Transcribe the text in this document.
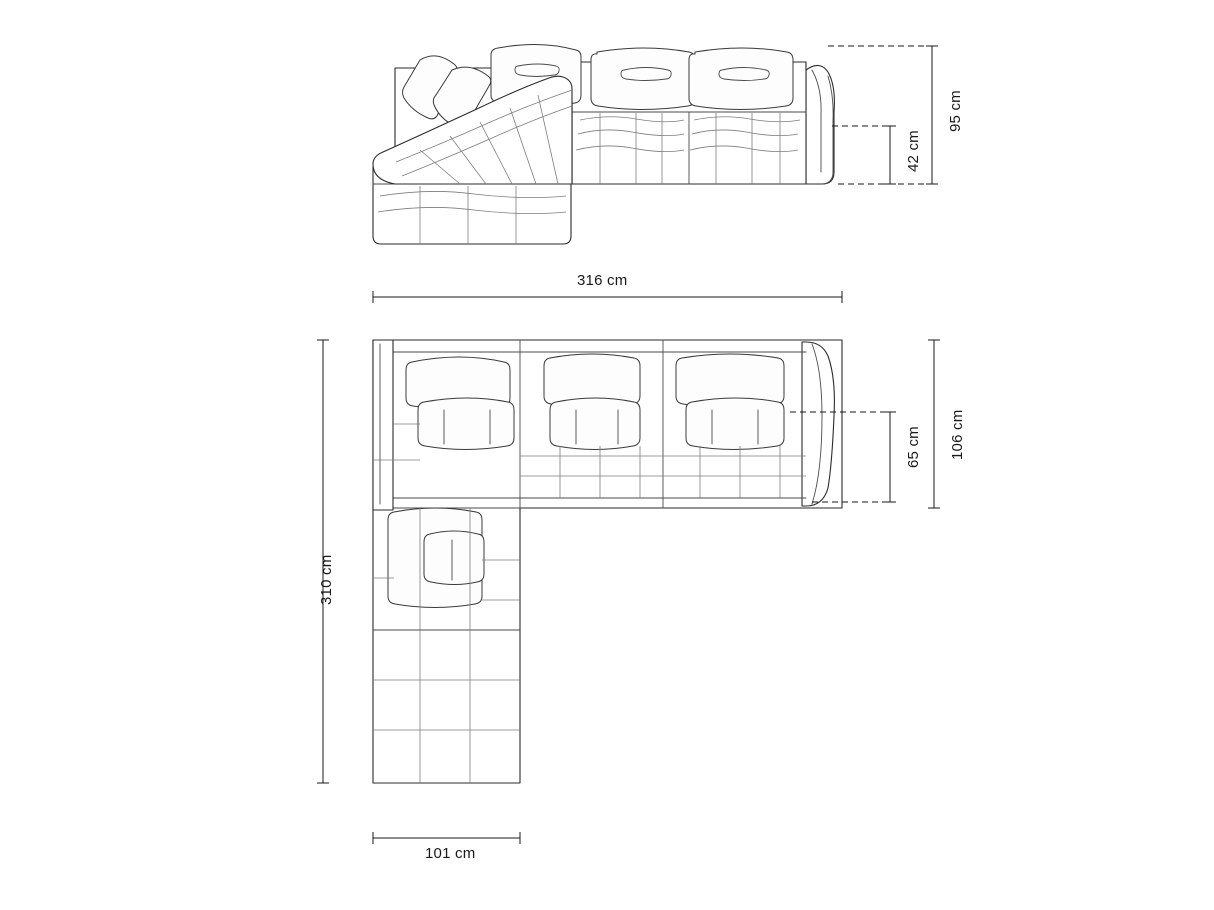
95 cm
42 cm
316 cm
106 cm
65 cm
310 cm
101 cm
